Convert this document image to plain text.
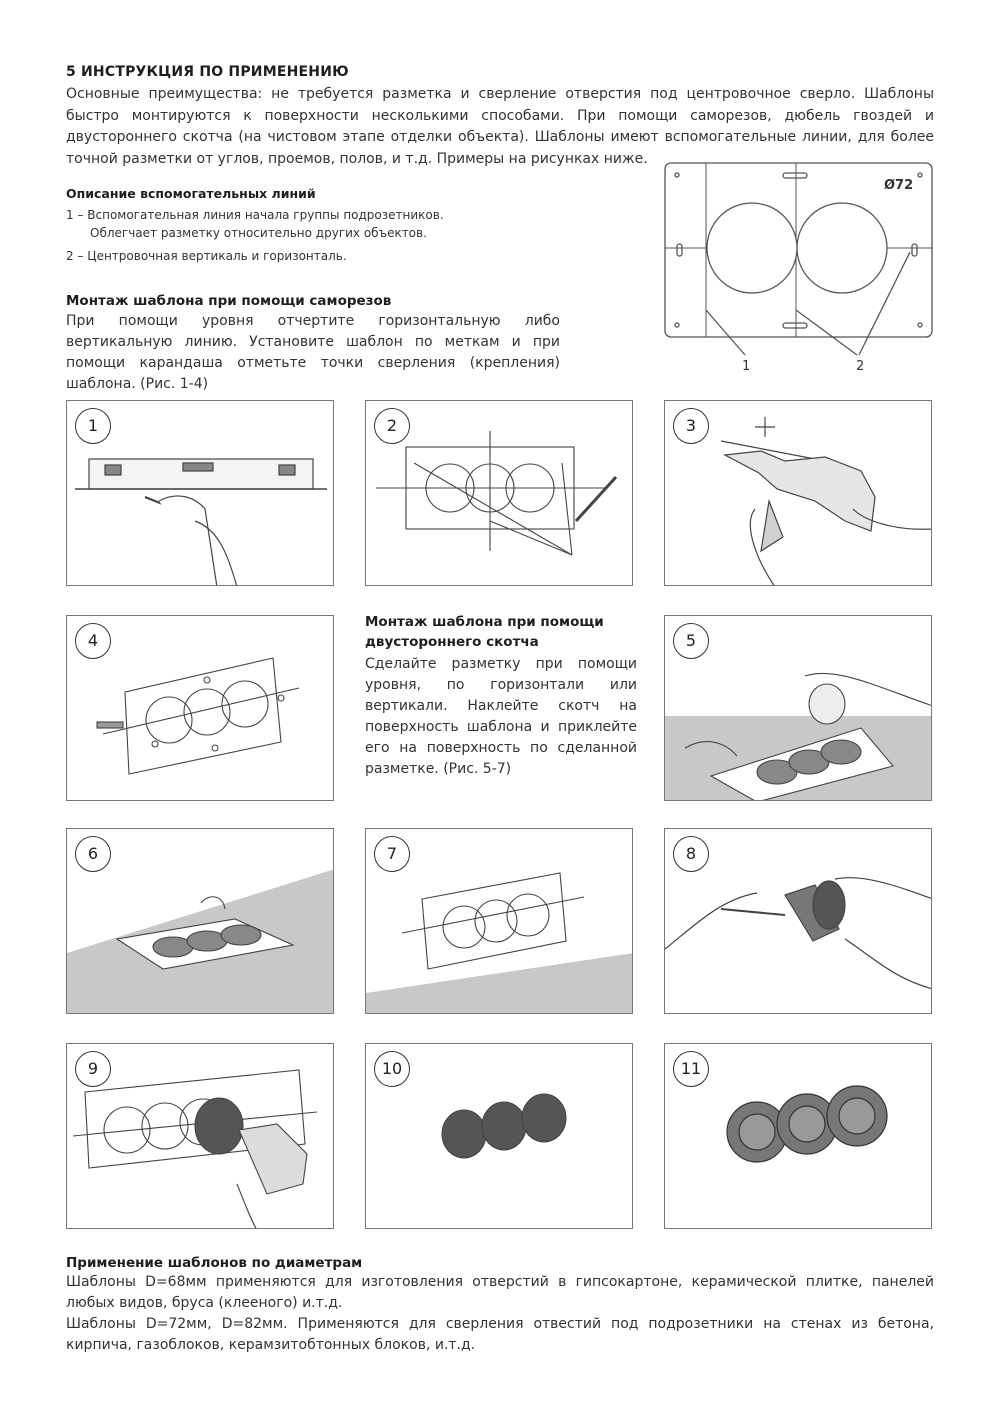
5 ИНСТРУКЦИЯ ПО ПРИМЕНЕНИЮ
Основные преимущества: не требуется разметка и сверление отверстия под центровочное сверло. Шаблоны быстро монтируются к поверхности несколькими способами. При помощи саморезов, дюбель гвоздей и двустороннего скотча (на чистовом этапе отделки объекта). Шаблоны имеют вспомогательные линии, для более точной разметки от углов, проемов, полов, и т.д. Примеры на рисунках ниже.
Описание вспомогательных линий
1 – Вспомогательная линия начала группы подрозетников.
Облегчает разметку относительно других объектов.
2 – Центровочная вертикаль и горизонталь.
Ø72
1	2
Монтаж шаблона при помощи саморезов
При помощи уровня отчертите горизонтальную либо вертикальную линию. Установите шаблон по меткам и при помощи карандаша отметьте точки сверления (крепления) шаблона. (Рис. 1-4)
Монтаж шаблона при помощи
двустороннего скотча
Сделайте разметку при помощи уровня, по горизонтали или вертикали. Наклейте скотч на поверхность шаблона и приклейте его на поверхность по сделанной разметке. (Рис. 5-7)
1	2	3
4	5
6	7	8
9	10	11
Применение шаблонов по диаметрам
Шаблоны D=68мм применяются для изготовления отверстий в гипсокартоне, керамической плитке, панелей любых видов, бруса (клееного) и.т.д.
Шаблоны D=72мм, D=82мм. Применяются для сверления отвестий под подрозетники на стенах из бетона, кирпича, газоблоков, керамзитобтонных блоков, и.т.д.
